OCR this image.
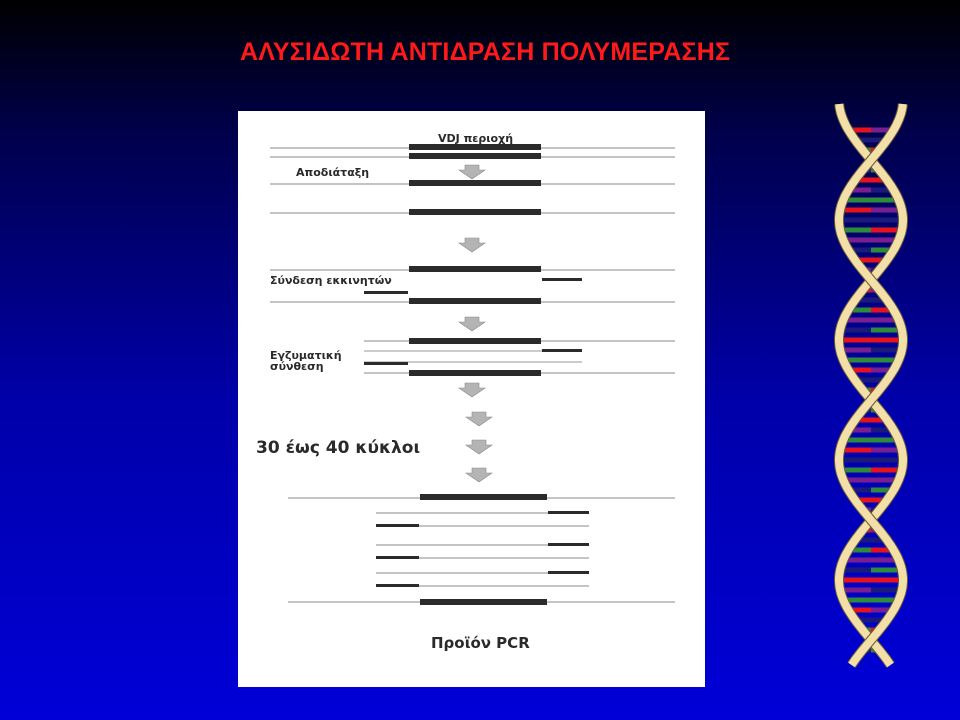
ΑΛΥΣΙΔΩΤΗ ΑΝΤΙΔΡΑΣΗ ΠΟΛΥΜΕΡΑΣΗΣ
VDJ περιοχή
Αποδιάταξη
Σύνδεση εκκινητών
Εγζυματική
σύνθεση
30 έως 40 κύκλοι
Προϊόν PCR
